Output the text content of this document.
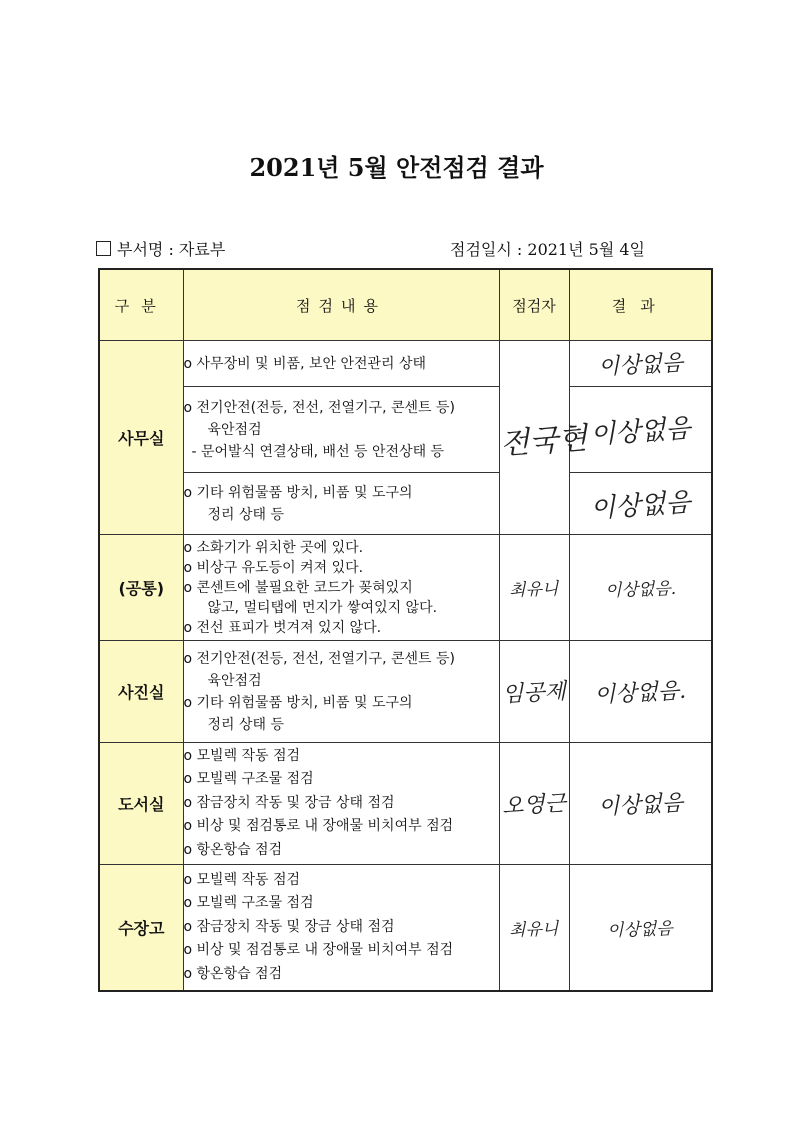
2021년 5월 안전점검 결과
부서명 : 자료부	점검일시 : 2021년 5월 4일
구분	점검내용	점검자	결과
사무실	o 사무장비 및 비품, 보안 안전관리 상태	전국현	이상없음

	o 전기안전(전등, 전선, 전열기구, 콘센트 등)
육안점검
- 문어발식 연결상태, 배선 등 안전상태 등		이상없음

	o 기타 위험물품 방치, 비품 및 도구의
정리 상태 등		이상없음
(공통)	o 소화기가 위치한 곳에 있다.
o 비상구 유도등이 켜져 있다.
o 콘센트에 불필요한 코드가 꽂혀있지
않고, 멀티탭에 먼지가 쌓여있지 않다.
o 전선 표피가 벗겨져 있지 않다.	최유니	이상없음.
사진실	o 전기안전(전등, 전선, 전열기구, 콘센트 등)
육안점검
o 기타 위험물품 방치, 비품 및 도구의
정리 상태 등	임공제	이상없음.
도서실	o 모빌렉 작동 점검
o 모빌렉 구조물 점검
o 잠금장치 작동 및 장금 상태 점검
o 비상 및 점검통로 내 장애물 비치여부 점검
o 항온항습 점검	오영근	이상없음
수장고	o 모빌렉 작동 점검
o 모빌렉 구조물 점검
o 잠금장치 작동 및 장금 상태 점검
o 비상 및 점검통로 내 장애물 비치여부 점검
o 항온항습 점검	최유니	이상없음
